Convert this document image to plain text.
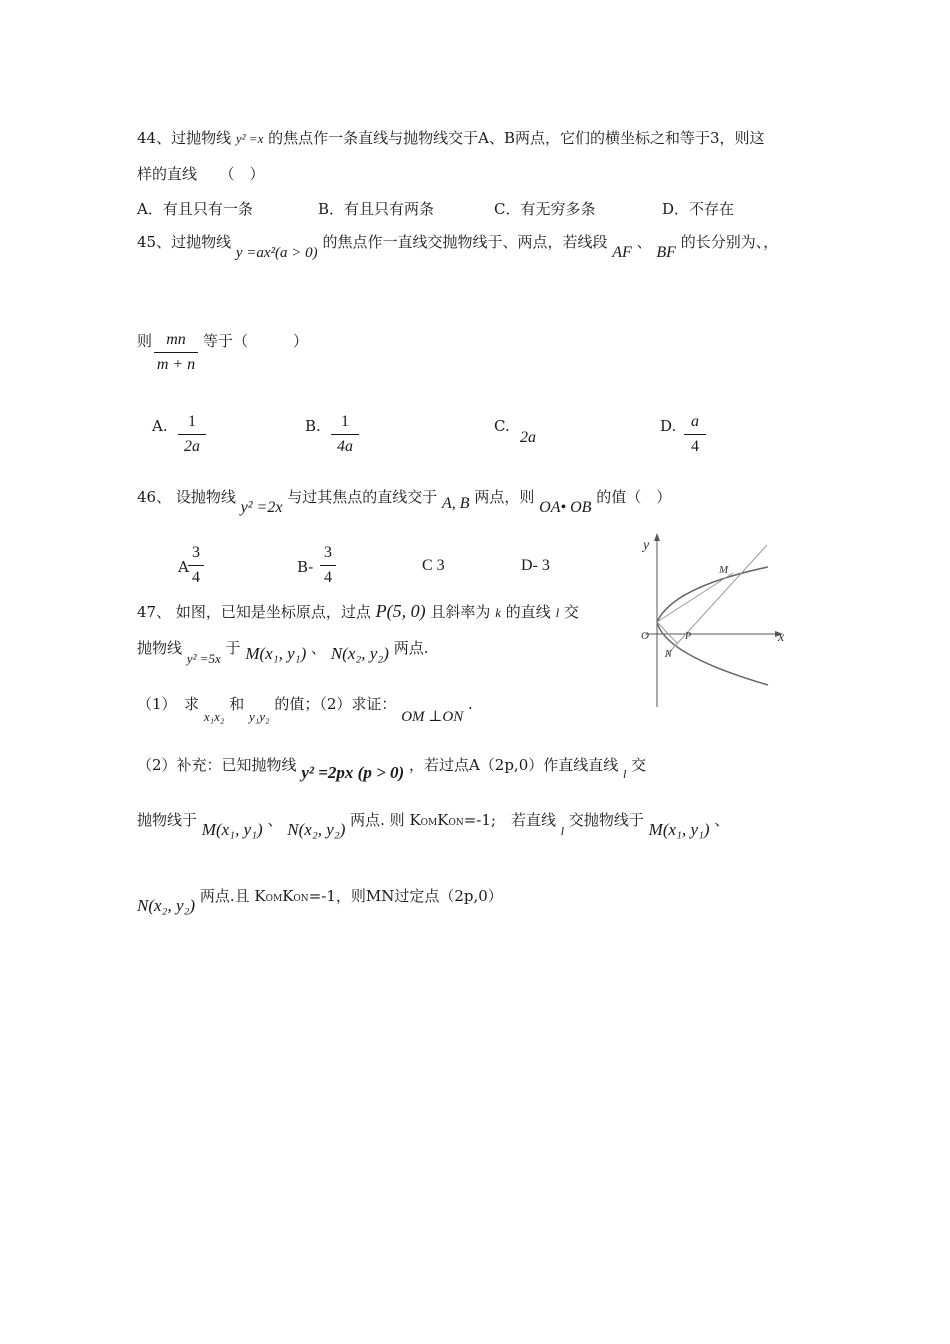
44、过抛物线 y² =x 的焦点作一条直线与抛物线交于A、B两点，它们的横坐标之和等于3，则这
样的直线　　（　）
A．有且只有一条	B．有且只有两条	C．有无穷多条	D．不存在
45、过抛物线 y =ax²(a > 0) 的焦点作一直线交抛物线于、两点，若线段 AF 、 BF 的长分别为、，
则 mn
m + n
等于（　　　）
A.	1
2a
B.	1
4a
C.
2a
D. a
4
46、 设抛物线 y² =2x 与过其焦点的直线交于 A, B 两点，则 OA• OB 的值（　）
A
3
4
B-
3
4
C 3	D- 3
y
x
O	P
M
N
47、 如图，已知是坐标原点，过点 P(5, 0) 且斜率为 k 的直线 l 交
抛物线 y² =5x 于 M(x₁, y₁) 、 N(x₂, y₂) 两点.
（1）　求 x₁x₂ 和 y₁y₂ 的值；（2）求证： OM ⊥ON .
（2）补充：已知抛物线 y² =2px (p > 0) ，若过点A（2p,0）作直线直线 $_l$ 交
抛物线于 M(x₁, y₁) 、 N(x₂, y₂) 两点. 则 KOMKON=-1;　若直线 $_l$ 交抛物线于 M(x₁, y₁) 、
N(x₂, y₂) 两点.且 KOMKON=-1，则MN过定点（2p,0）
